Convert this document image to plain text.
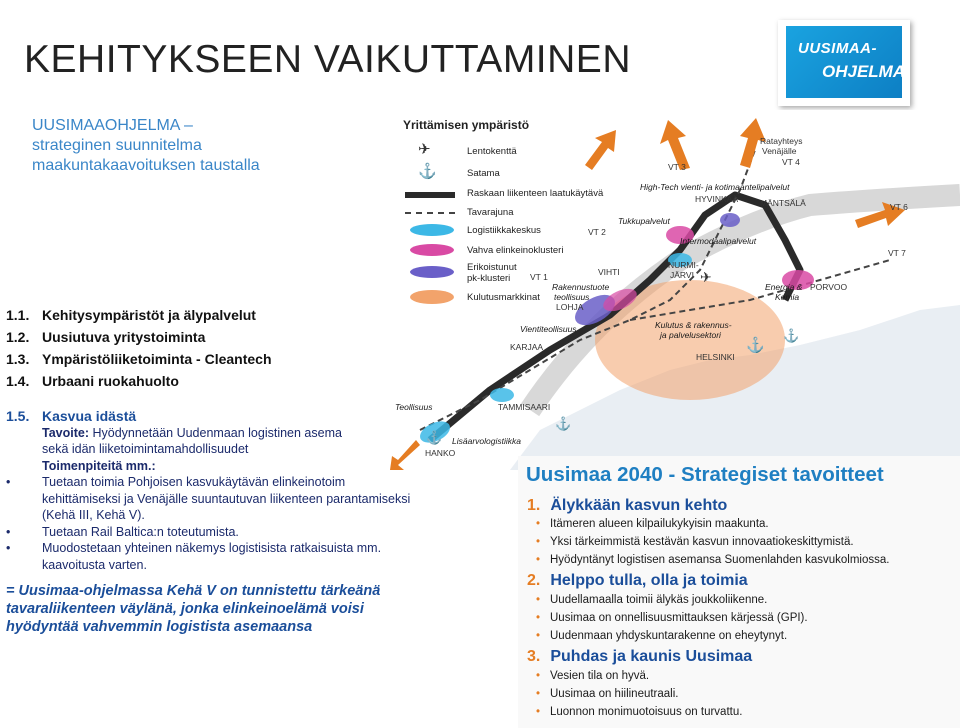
KEHITYKSEEN VAIKUTTAMINEN	UUSIMAA-
OHJELMA
UUSIMAAOHJELMA –
strateginen suunnitelma
maakuntakaavoituksen taustalla
1.1. Kehitysympäristöt ja älypalvelut
1.2. Uusiutuva yritystoiminta
1.3. Ympäristöliiketoiminta - Cleantech
1.4. Urbaani ruokahuolto
1.5. Kasvua idästä
Tavoite: Hyödynnetään Uudenmaan logistinen asema
sekä idän liiketoimintamahdollisuudet
Toimenpiteitä mm.:
• Tuetaan toimia Pohjoisen kasvukäytävän elinkeinotoim
kehittämiseksi ja Venäjälle suuntautuvan liikenteen parantamiseksi
(Kehä III, Kehä V).
• Tuetaan Rail Baltica:n toteutumista.
• Muodostetaan yhteinen näkemys logistisista ratkaisuista mm.
kaavoitusta varten.
= Uusimaa-ohjelmassa Kehä V on tunnistettu tärkeänä
tavaraliikenteen väylänä, jonka elinkeinoelämä voisi
hyödyntää vahvemmin logistista asemaansa
VT 3	VT 4
Ratayhteys
Venäjälle
High-Tech vienti- ja kotimaantelipalvelut
HYVINKÄÄ	MÄNTSÄLÄ	VT 6
VT 7
Tukkupalvelut
Intermodaalipalvelut
VT 2
VIHTI
NURMI-
JÄRVI
VT 1
Rakennustuote
teollisuus
LOHJA
Energia &
Kemia
PORVOO
Vientiteollisuus
KARJAA
Kulutus & rakennus-
ja palvelusektori
HELSINKI
Teollisuus	TAMMISAARI
Lisäarvologistiikka
HANKO
✈
⚓
⚓
⚓
⚓
Yrittämisen ympäristö
✈	Lentokenttä
⚓	Satama
Raskaan liikenteen laatukäytävä
Tavarajuna
Logistiikkakeskus
Vahva elinkeinoklusteri
Erikoistunut
pk-klusteri
Kulutusmarkkinat
Uusimaa 2040 - Strategiset tavoitteet
1. Älykkään kasvun kehto
• Itämeren alueen kilpailukykyisin maakunta.
• Yksi tärkeimmistä kestävän kasvun innovaatiokeskittymistä.
• Hyödyntänyt logistisen asemansa Suomenlahden kasvukolmiossa.
2. Helppo tulla, olla ja toimia
• Uudellamaalla toimii älykäs joukkoliikenne.
• Uusimaa on onnellisuusmittauksen kärjessä (GPI).
• Uudenmaan yhdyskuntarakenne on eheytynyt.
3. Puhdas ja kaunis Uusimaa
• Vesien tila on hyvä.
• Uusimaa on hiilineutraali.
• Luonnon monimuotoisuus on turvattu.
